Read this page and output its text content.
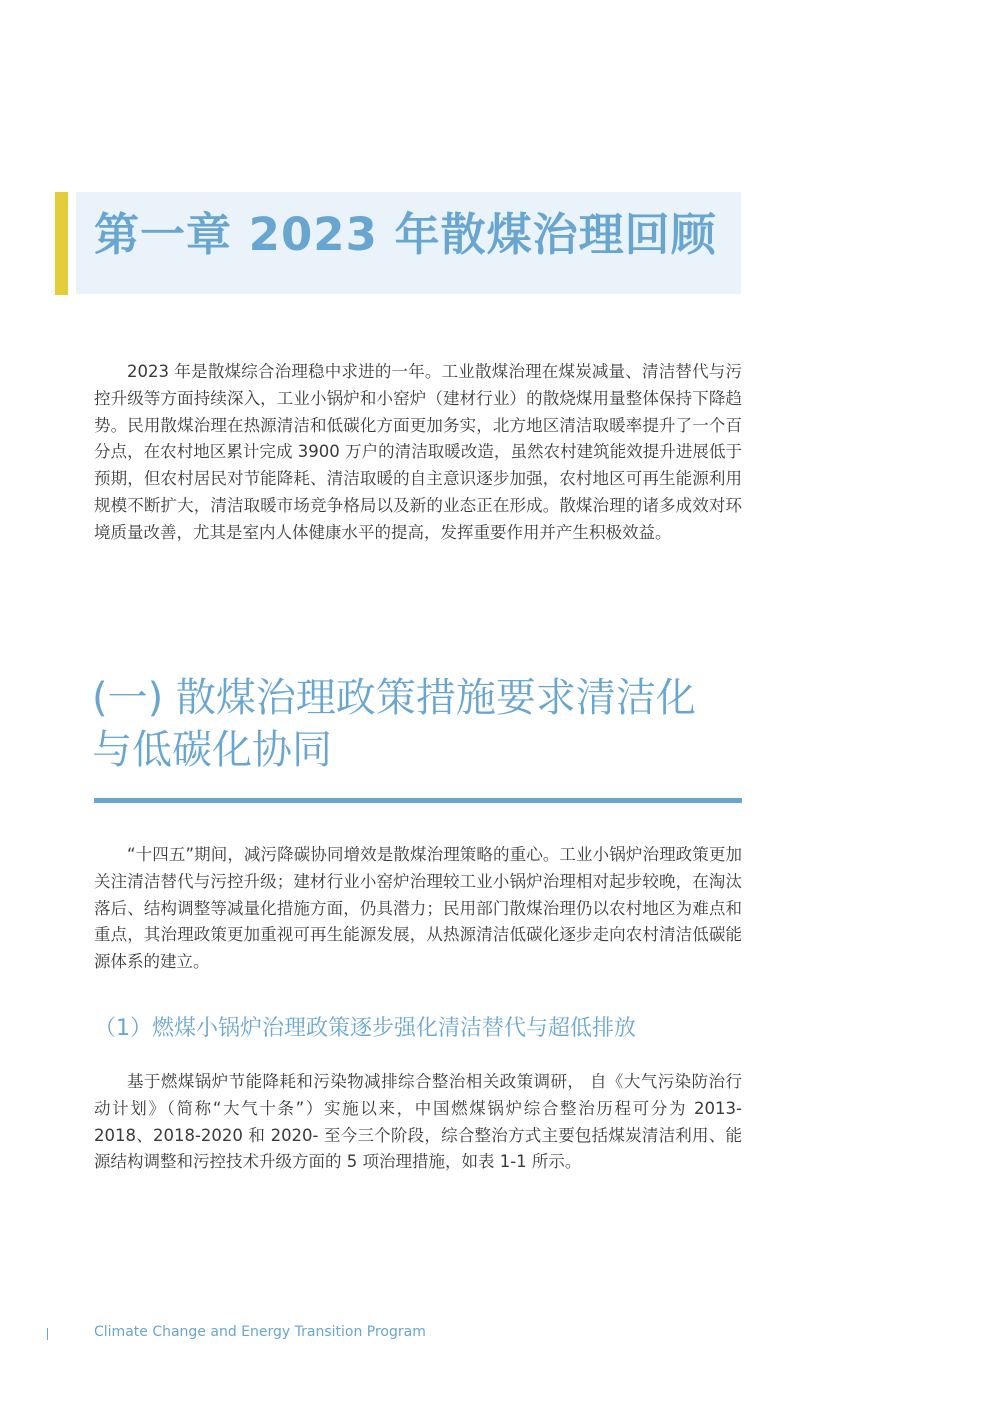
第一章 2023 年散煤治理回顾

2023 年是散煤综合治理稳中求进的一年。工业散煤治理在煤炭减量、清洁替代与污控升级等方面持续深入，工业小锅炉和小窑炉（建材行业）的散烧煤用量整体保持下降趋势。民用散煤治理在热源清洁和低碳化方面更加务实，北方地区清洁取暖率提升了一个百分点，在农村地区累计完成 3900 万户的清洁取暖改造，虽然农村建筑能效提升进展低于预期，但农村居民对节能降耗、清洁取暖的自主意识逐步加强，农村地区可再生能源利用规模不断扩大，清洁取暖市场竞争格局以及新的业态正在形成。散煤治理的诸多成效对环境质量改善，尤其是室内人体健康水平的提高，发挥重要作用并产生积极效益。

(一) 散煤治理政策措施要求清洁化与低碳化协同

“十四五”期间，减污降碳协同增效是散煤治理策略的重心。工业小锅炉治理政策更加关注清洁替代与污控升级；建材行业小窑炉治理较工业小锅炉治理相对起步较晚，在淘汰落后、结构调整等减量化措施方面，仍具潜力；民用部门散煤治理仍以农村地区为难点和重点，其治理政策更加重视可再生能源发展，从热源清洁低碳化逐步走向农村清洁低碳能源体系的建立。

（1）燃煤小锅炉治理政策逐步强化清洁替代与超低排放

基于燃煤锅炉节能降耗和污染物减排综合整治相关政策调研， 自《大气污染防治行动计划》（简称“大气十条”）实施以来，中国燃煤锅炉综合整治历程可分为 2013-2018、2018-2020 和 2020- 至今三个阶段，综合整治方式主要包括煤炭清洁利用、能源结构调整和污控技术升级方面的 5 项治理措施，如表 1-1 所示。

Climate Change and Energy Transition Program
